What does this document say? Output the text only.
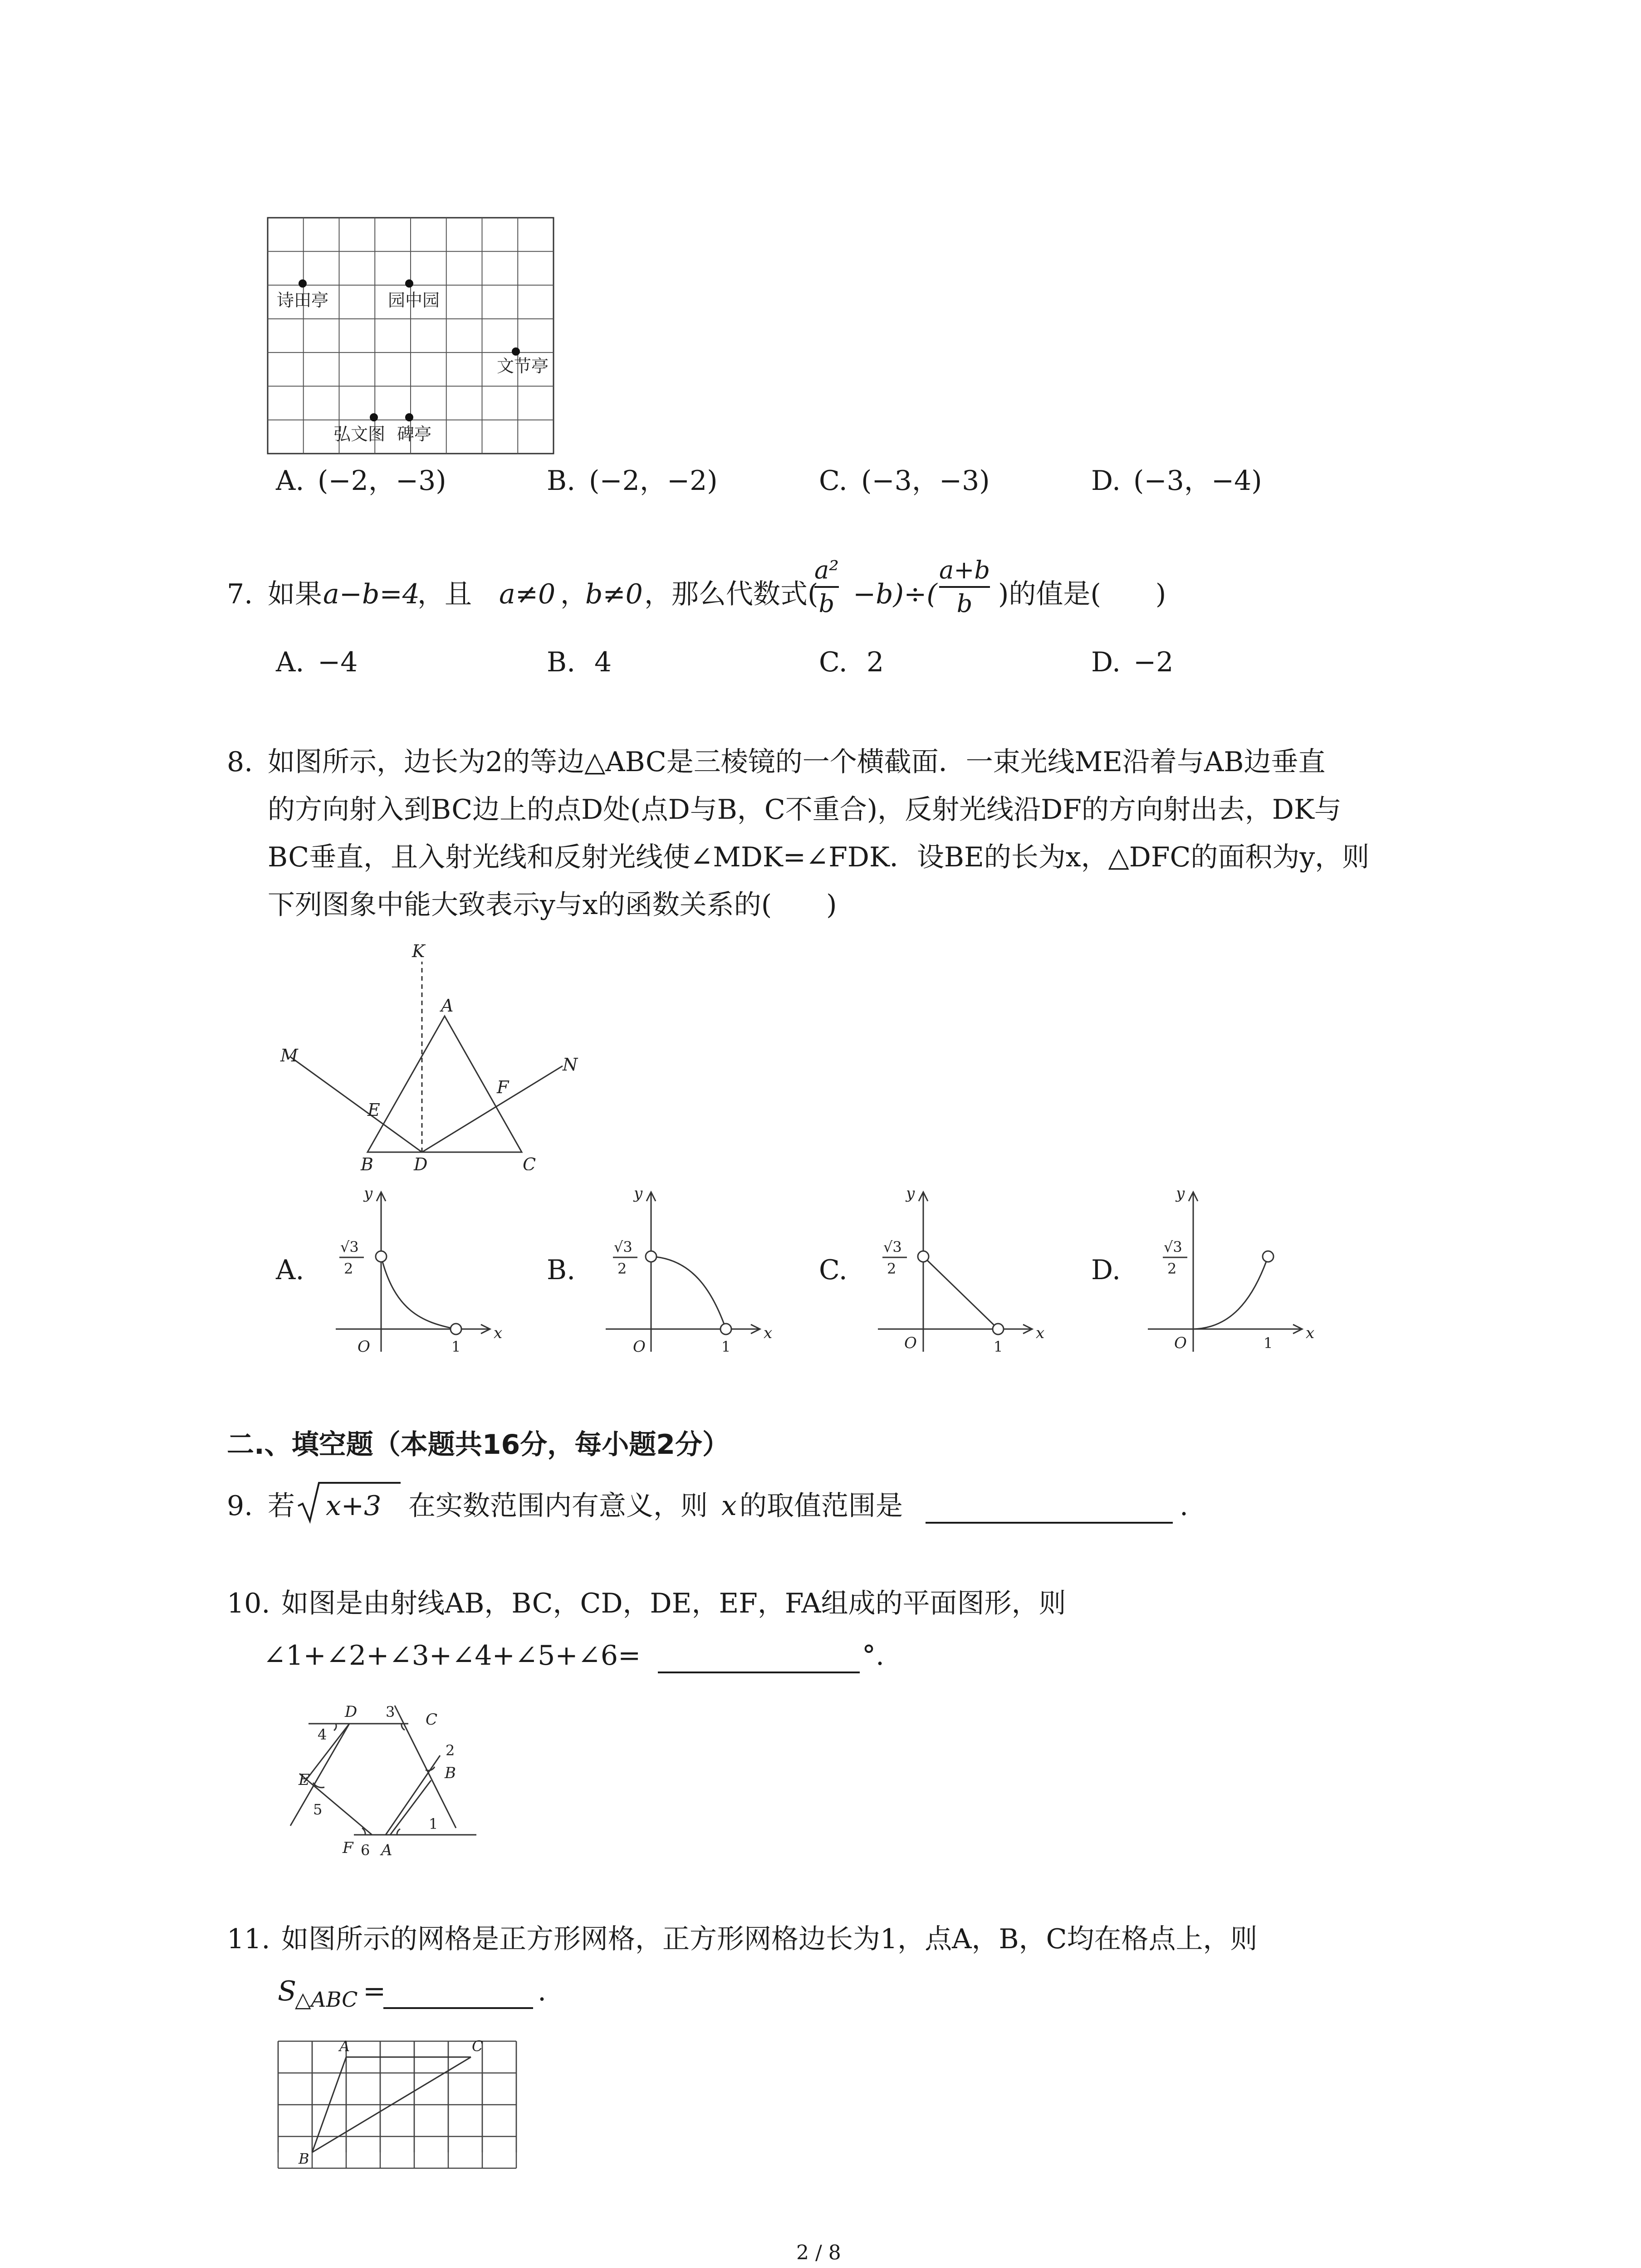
诗田亭	园中园
文节亭
弘文图 碑亭
A. (−2，−3)	B. (−2，−2)	C. (−3，−3)	D. (−3，−4)
7. 如果 a−b=4
，且 a≠0 ，
b≠0 ，那么代数式(
a²
b −b)÷(
a+b
b )的值是(　　)
A. −4	B. 4	C. 2	D. −2
8. 如图所示，边长为2的等边△ABC是三棱镜的一个横截面．一束光线ME沿着与AB边垂直
的方向射入到BC边上的点D处(点D与B，C不重合)，反射光线沿DF的方向射出去，DK与
BC垂直，且入射光线和反射光线使∠MDK=∠FDK．设BE的长为x，△DFC的面积为y，则
下列图象中能大致表示y与x的函数关系的(　　)
K
A
M	N
E
F
B D	C
A.	B.	C.	D.
y
x
O	1
√3
2
y
x
O	1
√3
2
y
x
O	1
√3
2
y
x
O	1
√3
2
二.、填空题（本题共16分，每小题2分）
9. 若 x+3 在实数范围内有意义，则 x 的取值范围是	.
10. 如图是由射线AB，BC，CD，DE，EF，FA组成的平面图形，则
∠1+∠2+∠3+∠4+∠5+∠6=	°.
D	C
E	B
F A
3
4
2
5
1
6
11. 如图所示的网格是正方形网格，正方形网格边长为1，点A，B，C均在格点上，则
S
△ABC =	.
A	C
B
2 / 8
